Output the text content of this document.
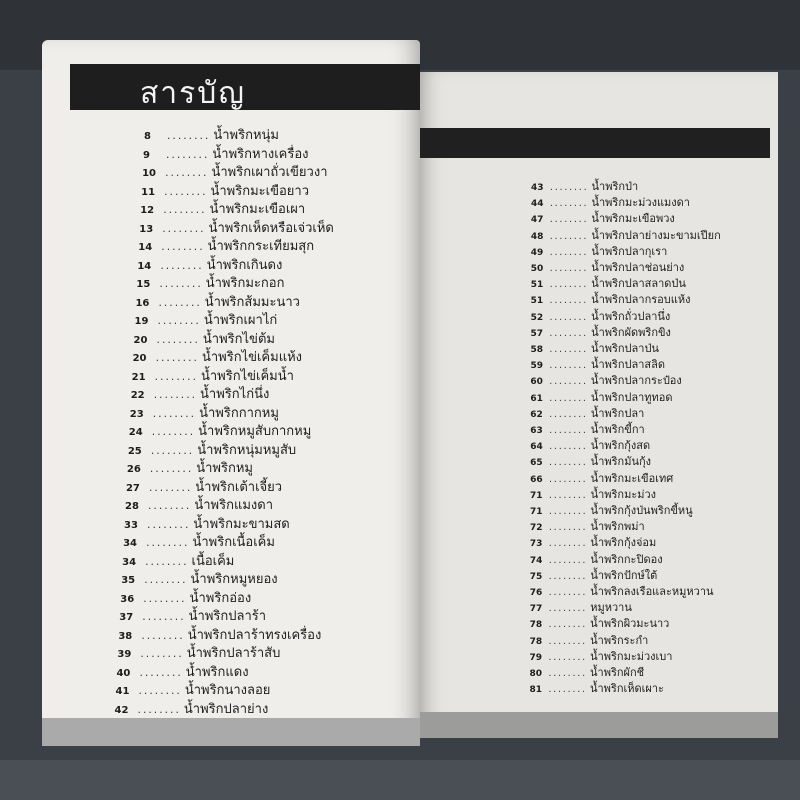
สารบัญ
8	........ น้ำพริกหนุ่ม
9	........ น้ำพริกหางเครื่อง
10 ........ น้ำพริกเผาถั่วเขียวงา
11 ........ น้ำพริกมะเขือยาว
12 ........ น้ำพริกมะเขือเผา
13 ........ น้ำพริกเห็ดหรือเจ่วเห็ด
14 ........ น้ำพริกกระเทียมสุก
14 ........ น้ำพริกเกินดง
15 ........ น้ำพริกมะกอก
16 ........ น้ำพริกส้มมะนาว
19 ........ น้ำพริกเผาไก่
20 ........ น้ำพริกไข่ต้ม
20 ........ น้ำพริกไข่เค็มแห้ง
21 ........ น้ำพริกไข่เค็มน้ำ
22 ........ น้ำพริกไก่นึ่ง
23 ........ น้ำพริกกากหมู
24 ........ น้ำพริกหมูสับกากหมู
25 ........ น้ำพริกหนุ่มหมูสับ
26 ........ น้ำพริกหมู
27 ........ น้ำพริกเต้าเจี้ยว
28 ........ น้ำพริกแมงดา
33 ........ น้ำพริกมะขามสด
34 ........ น้ำพริกเนื้อเค็ม
34 ........ เนื้อเค็ม
35 ........ น้ำพริกหมูหยอง
36 ........ น้ำพริกอ่อง
37 ........ น้ำพริกปลาร้า
38 ........ น้ำพริกปลาร้าทรงเครื่อง
39 ........ น้ำพริกปลาร้าสับ
40 ........ น้ำพริกแดง
41 ........ น้ำพริกนางลอย
42 ........ น้ำพริกปลาย่าง
43 ........ น้ำพริกป่า
44 ........ น้ำพริกมะม่วงแมงดา
47 ........ น้ำพริกมะเขือพวง
48 ........ น้ำพริกปลาย่างมะขามเปียก
49 ........ น้ำพริกปลากุเรา
50 ........ น้ำพริกปลาช่อนย่าง
51 ........ น้ำพริกปลาสลาดป่น
51 ........ น้ำพริกปลากรอบแห้ง
52 ........ น้ำพริกถั่วปลานึ่ง
57 ........ น้ำพริกผัดพริกขิง
58 ........ น้ำพริกปลาป่น
59 ........ น้ำพริกปลาสลิด
60 ........ น้ำพริกปลากระป๋อง
61 ........ น้ำพริกปลาทูทอด
62 ........ น้ำพริกปลา
63 ........ น้ำพริกขี้กา
64 ........ น้ำพริกกุ้งสด
65 ........ น้ำพริกมันกุ้ง
66 ........ น้ำพริกมะเขือเทศ
71 ........ น้ำพริกมะม่วง
71 ........ น้ำพริกกุ้งป่นพริกขี้หนู
72 ........ น้ำพริกพม่า
73 ........ น้ำพริกกุ้งจ่อม
74 ........ น้ำพริกกะปิดอง
75 ........ น้ำพริกปักษ์ใต้
76 ........ น้ำพริกลงเรือและหมูหวาน
77 ........ หมูหวาน
78 ........ น้ำพริกผิวมะนาว
78 ........ น้ำพริกระกำ
79 ........ น้ำพริกมะม่วงเบา
80 ........ น้ำพริกผักชี
81 ........ น้ำพริกเห็ดเผาะ
